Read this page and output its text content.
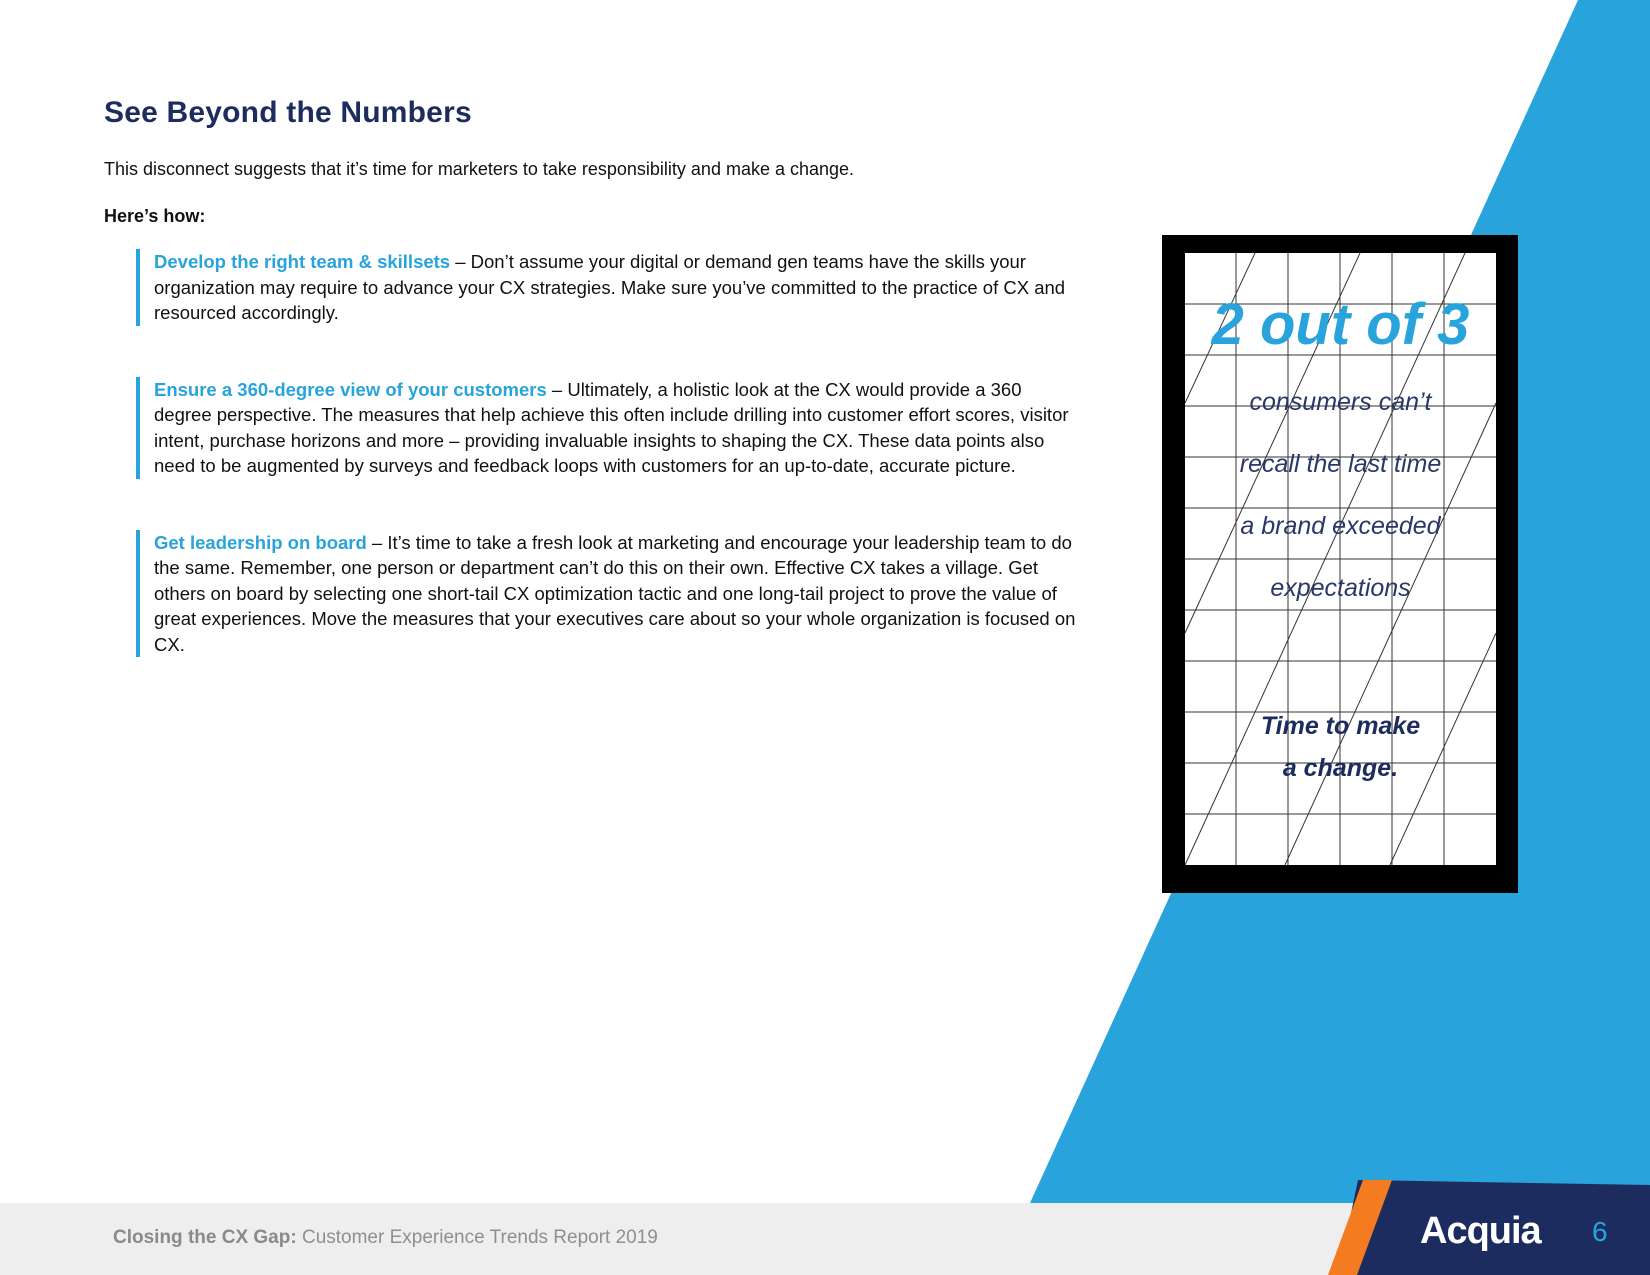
See Beyond the Numbers

This disconnect suggests that it’s time for marketers to take responsibility and make a change.

Here’s how:

Develop the right team & skillsets – Don’t assume your digital or demand gen teams have the skills your organization may require to advance your CX strategies. Make sure you’ve committed to the practice of CX and resourced accordingly.
Ensure a 360-degree view of your customers – Ultimately, a holistic look at the CX would provide a 360 degree perspective. The measures that help achieve this often include drilling into customer effort scores, visitor intent, purchase horizons and more – providing invaluable insights to shaping the CX. These data points also need to be augmented by surveys and feedback loops with customers for an up-to-date, accurate picture.
Get leadership on board – It’s time to take a fresh look at marketing and encourage your leadership team to do the same. Remember, one person or department can’t do this on their own. Effective CX takes a village. Get others on board by selecting one short-tail CX optimization tactic and one long-tail project to prove the value of great experiences. Move the measures that your executives care about so your whole organization is focused on CX.
2 out of 3
consumers can’t
recall the last time
a brand exceeded
expectations
Time to make
a change.
Closing the CX Gap: Customer Experience Trends Report 2019	Acquia	6
